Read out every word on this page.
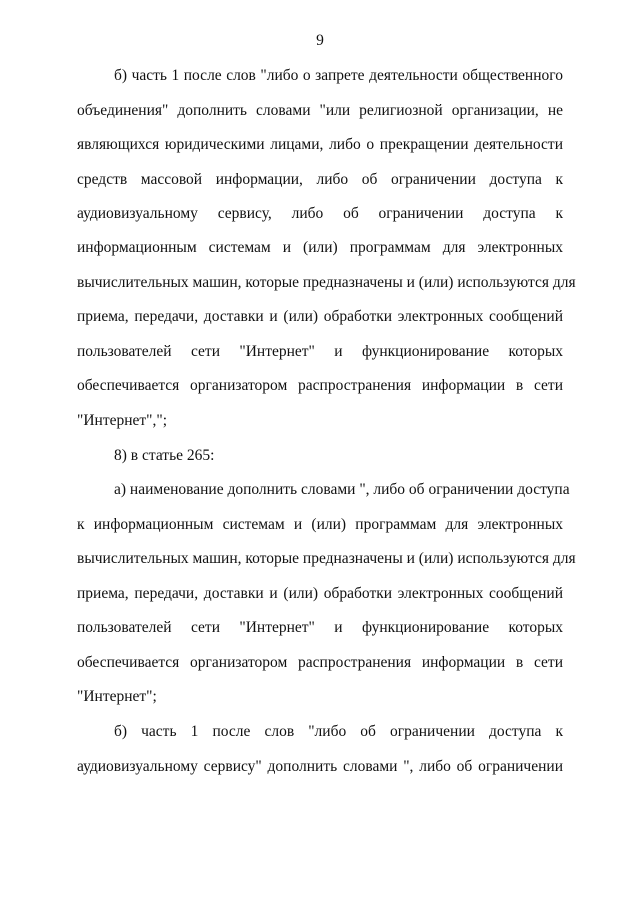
9
б) часть 1 после слов "либо о запрете деятельности общественного
объединения" дополнить словами "или религиозной организации, не
являющихся юридическими лицами, либо о прекращении деятельности
средств массовой информации, либо об ограничении доступа к
аудиовизуальному сервису, либо об ограничении доступа к
информационным системам и (или) программам для электронных
вычислительных машин, которые предназначены и (или) используются для
приема, передачи, доставки и (или) обработки электронных сообщений
пользователей сети "Интернет" и функционирование которых
обеспечивается организатором распространения информации в сети
"Интернет",";
8) в статье 265:
а) наименование дополнить словами ", либо об ограничении доступа
к информационным системам и (или) программам для электронных
вычислительных машин, которые предназначены и (или) используются для
приема, передачи, доставки и (или) обработки электронных сообщений
пользователей сети "Интернет" и функционирование которых
обеспечивается организатором распространения информации в сети
"Интернет";
б) часть 1 после слов "либо об ограничении доступа к
аудиовизуальному сервису" дополнить словами ", либо об ограничении
